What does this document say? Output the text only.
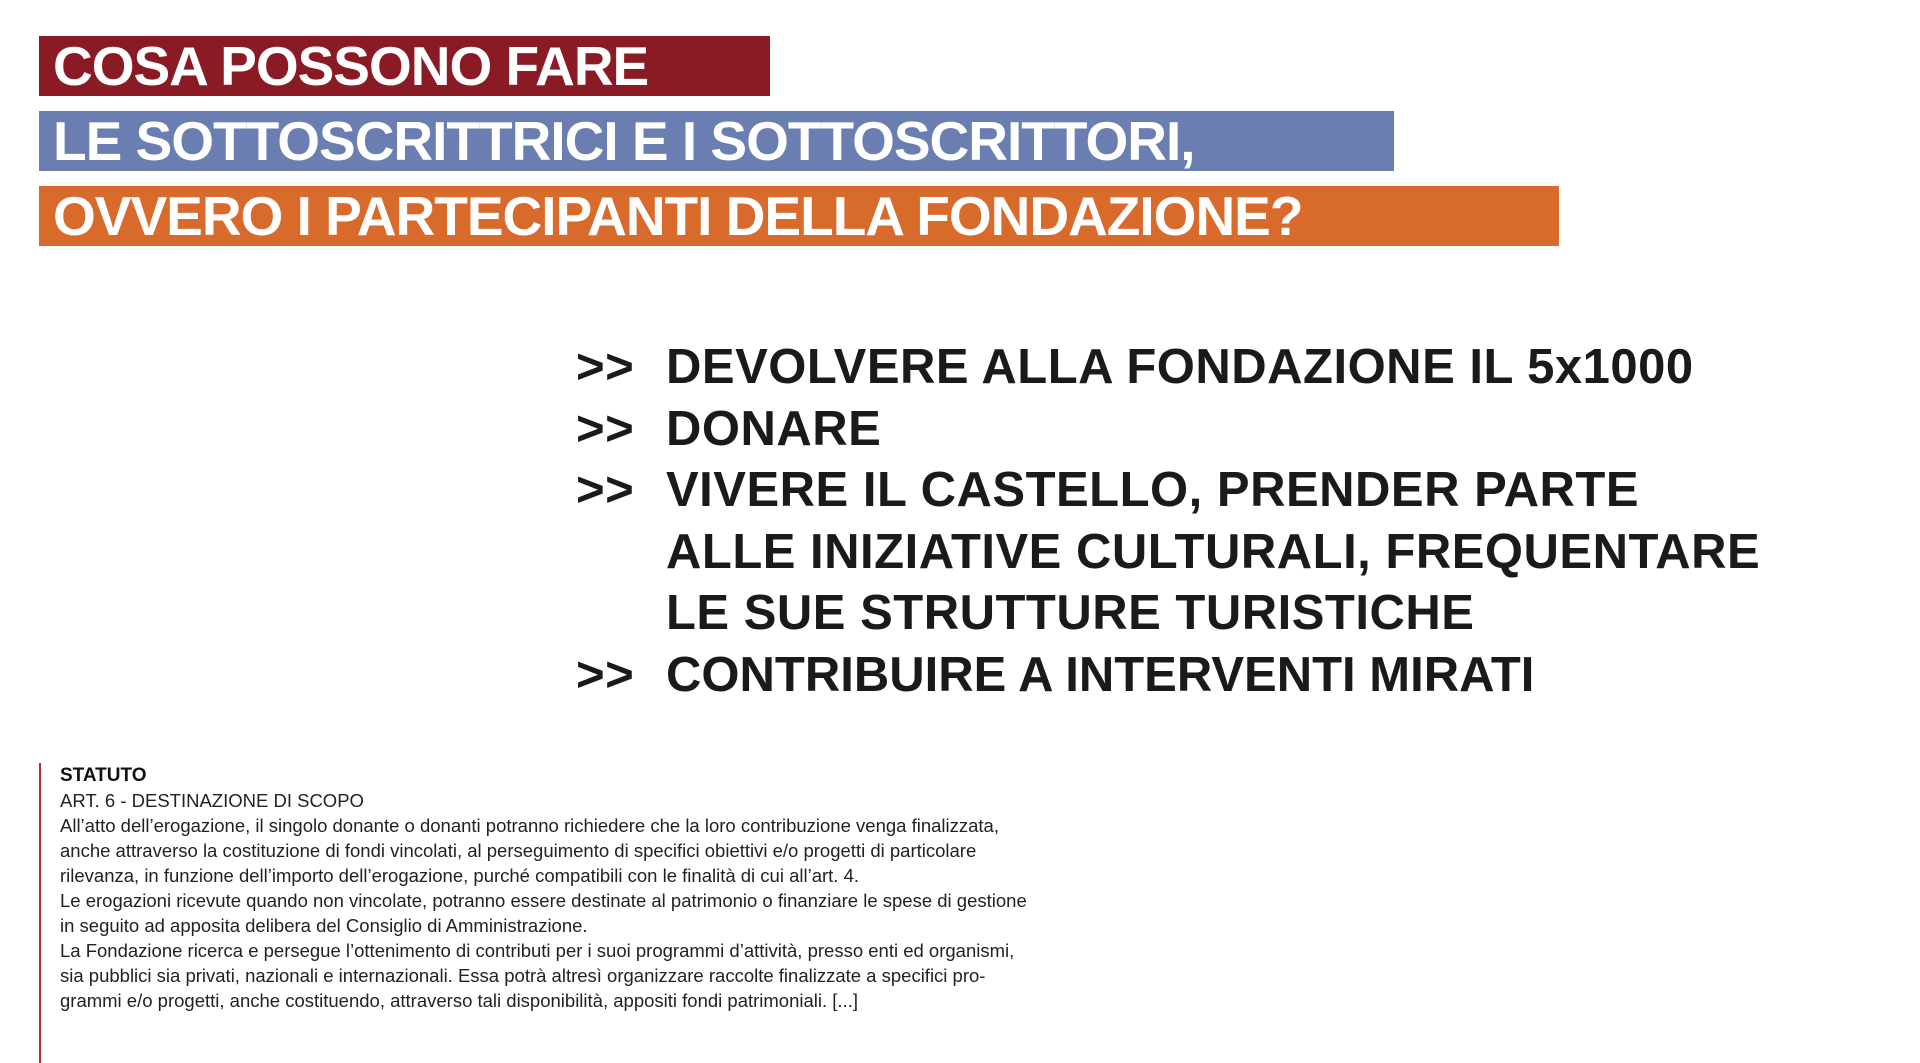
COSA POSSONO FARE
LE SOTTOSCRITTRICI E I SOTTOSCRITTORI,
OVVERO I PARTECIPANTI DELLA FONDAZIONE?
>> DEVOLVERE ALLA FONDAZIONE IL 5x1000
>> DONARE
>> VIVERE IL CASTELLO, PRENDER PARTE
ALLE INIZIATIVE CULTURALI, FREQUENTARE
LE SUE STRUTTURE TURISTICHE
>> CONTRIBUIRE A INTERVENTI MIRATI

STATUTO

ART. 6 - DESTINAZIONE DI SCOPO

All’atto dell’erogazione, il singolo donante o donanti potranno richiedere che la loro contribuzione venga finalizzata,
anche attraverso la costituzione di fondi vincolati, al perseguimento di specifici obiettivi e/o progetti di particolare
rilevanza, in funzione dell’importo dell’erogazione, purché compatibili con le finalità di cui all’art. 4.
Le erogazioni ricevute quando non vincolate, potranno essere destinate al patrimonio o finanziare le spese di gestione
in seguito ad apposita delibera del Consiglio di Amministrazione.
La Fondazione ricerca e persegue l’ottenimento di contributi per i suoi programmi d’attività, presso enti ed organismi,
sia pubblici sia privati, nazionali e internazionali. Essa potrà altresì organizzare raccolte finalizzate a specifici pro-
grammi e/o progetti, anche costituendo, attraverso tali disponibilità, appositi fondi patrimoniali. [...]
